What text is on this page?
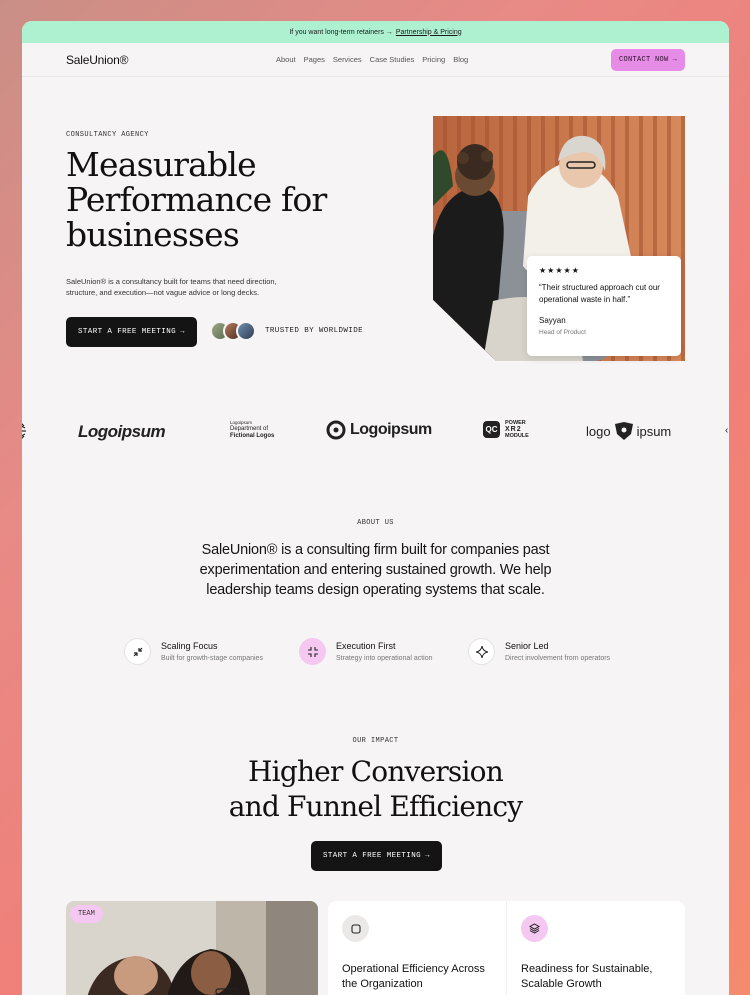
If you want long-term retainers → Partnership & Pricing
SaleUnion®	About Pages Services Case Studies Pricing Blog	CONTACT NOW →
CONSULTANCY AGENCY
Measurable Performance for businesses

SaleUnion® is a consultancy built for teams that need direction, structure, and execution—not vague advice or long decks.

START A FREE MEETING →	TRUSTED BY WORLDWIDE
★★★★★
“Their structured approach cut our operational waste in half.”
Sayyan
Head of Product
Logoipsum	Logoipsum
Department of
Fictional Logos	Logoipsum	QC
POWER
XR2
MODULE	logo ipsum	‹
ABOUT US

SaleUnion® is a consulting firm built for companies past experimentation and entering sustained growth. We help leadership teams design operating systems that scale.

Scaling Focus
Built for growth-stage companies
Execution First
Strategy into operational action
Senior Led
Direct involvement from operators
OUR IMPACT
Higher Conversion
and Funnel Efficiency
START A FREE MEETING →
TEAM
Operational Efficiency Across the Organization
Readiness for Sustainable, Scalable Growth
